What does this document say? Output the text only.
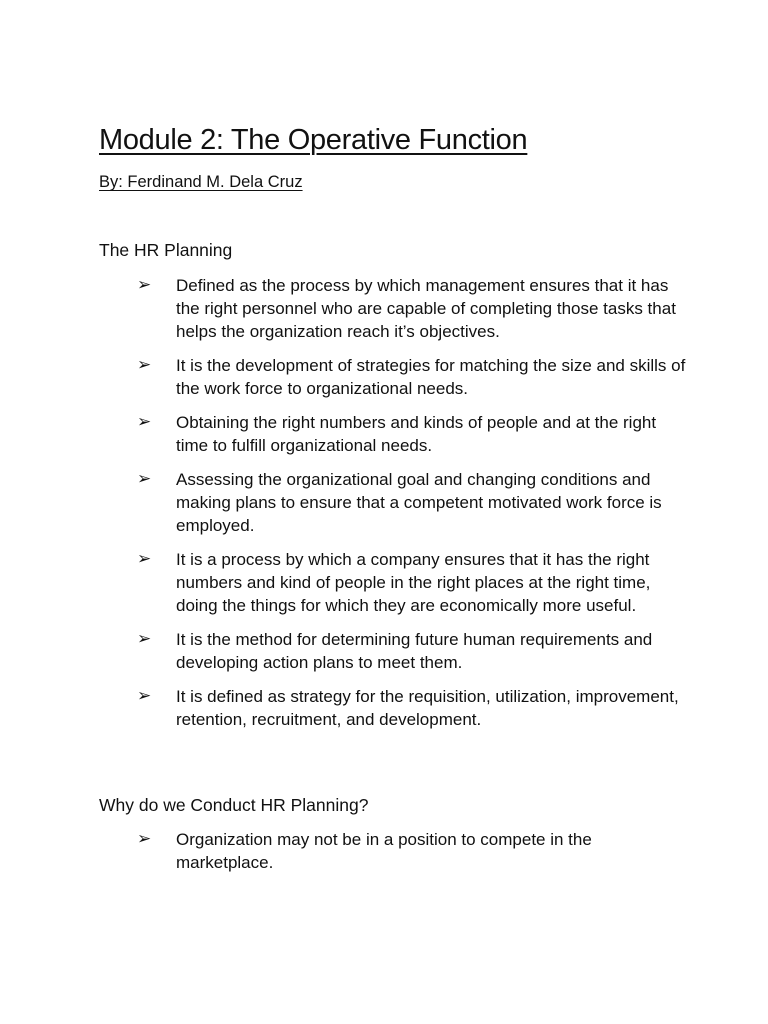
Module 2: The Operative Function

By: Ferdinand M. Dela Cruz

The HR Planning
➢ Defined as the process by which management ensures that it has the right personnel who are capable of completing those tasks that helps the organization reach it’s objectives.
➢ It is the development of strategies for matching the size and skills of the work force to organizational needs.
➢ Obtaining the right numbers and kinds of people and at the right time to fulfill organizational needs.
➢ Assessing the organizational goal and changing conditions and making plans to ensure that a competent motivated work force is employed.
➢ It is a process by which a company ensures that it has the right numbers and kind of people in the right places at the right time, doing the things for which they are economically more useful.
➢ It is the method for determining future human requirements and developing action plans to meet them.
➢ It is defined as strategy for the requisition, utilization, improvement, retention, recruitment, and development.
Why do we Conduct HR Planning?
➢ Organization may not be in a position to compete in the marketplace.
